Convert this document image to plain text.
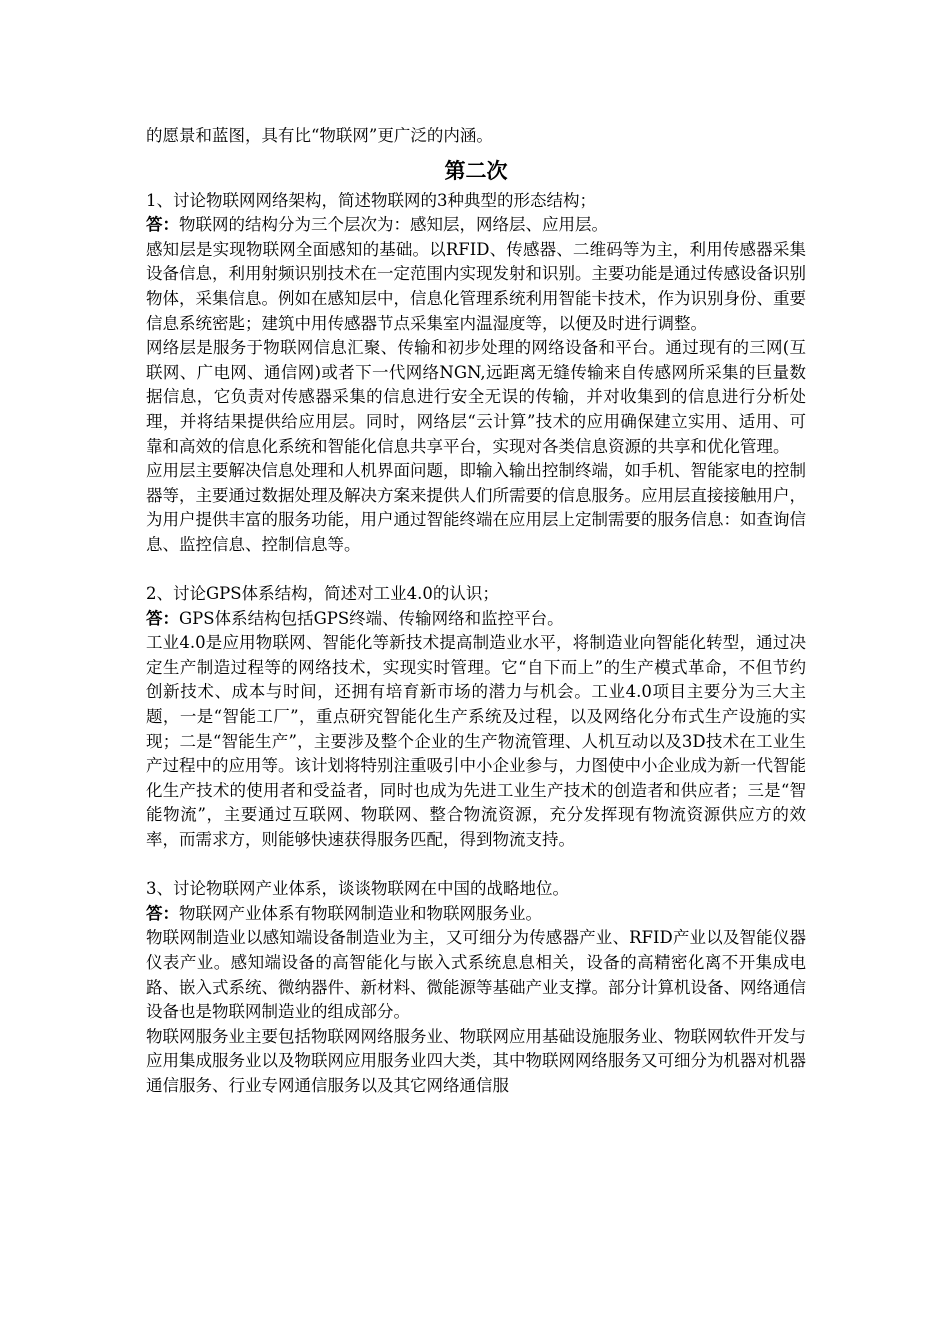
的愿景和蓝图，具有比“物联网”更广泛的内涵。

第二次

1、讨论物联网网络架构，简述物联网的3种典型的形态结构；

答：物联网的结构分为三个层次为：感知层，网络层、应用层。

感知层是实现物联网全面感知的基础。以RFID、传感器、二维码等为主，利用传感器采集设备信息，利用射频识别技术在一定范围内实现发射和识别。主要功能是通过传感设备识别物体，采集信息。例如在感知层中，信息化管理系统利用智能卡技术，作为识别身份、重要信息系统密匙；建筑中用传感器节点采集室内温湿度等，以便及时进行调整。

网络层是服务于物联网信息汇聚、传输和初步处理的网络设备和平台。通过现有的三网(互联网、广电网、通信网)或者下一代网络NGN,远距离无缝传输来自传感网所采集的巨量数据信息，它负责对传感器采集的信息进行安全无误的传输，并对收集到的信息进行分析处理，并将结果提供给应用层。同时，网络层“云计算”技术的应用确保建立实用、适用、可靠和高效的信息化系统和智能化信息共享平台，实现对各类信息资源的共享和优化管理。

应用层主要解决信息处理和人机界面问题，即输入输出控制终端，如手机、智能家电的控制器等，主要通过数据处理及解决方案来提供人们所需要的信息服务。应用层直接接触用户，为用户提供丰富的服务功能，用户通过智能终端在应用层上定制需要的服务信息：如查询信息、监控信息、控制信息等。

2、讨论GPS体系结构，简述对工业4.0的认识；

答：GPS体系结构包括GPS终端、传输网络和监控平台。

工业4.0是应用物联网、智能化等新技术提高制造业水平，将制造业向智能化转型，通过决定生产制造过程等的网络技术，实现实时管理。它“自下而上”的生产模式革命，不但节约创新技术、成本与时间，还拥有培育新市场的潜力与机会。工业4.0项目主要分为三大主题，一是“智能工厂”，重点研究智能化生产系统及过程，以及网络化分布式生产设施的实现；二是“智能生产”，主要涉及整个企业的生产物流管理、人机互动以及3D技术在工业生产过程中的应用等。该计划将特别注重吸引中小企业参与，力图使中小企业成为新一代智能化生产技术的使用者和受益者，同时也成为先进工业生产技术的创造者和供应者；三是“智能物流”，主要通过互联网、物联网、整合物流资源，充分发挥现有物流资源供应方的效率，而需求方，则能够快速获得服务匹配，得到物流支持。

3、讨论物联网产业体系，谈谈物联网在中国的战略地位。

答：物联网产业体系有物联网制造业和物联网服务业。

物联网制造业以感知端设备制造业为主，又可细分为传感器产业、RFID产业以及智能仪器仪表产业。感知端设备的高智能化与嵌入式系统息息相关，设备的高精密化离不开集成电路、嵌入式系统、微纳器件、新材料、微能源等基础产业支撑。部分计算机设备、网络通信设备也是物联网制造业的组成部分。

物联网服务业主要包括物联网网络服务业、物联网应用基础设施服务业、物联网软件开发与应用集成服务业以及物联网应用服务业四大类，其中物联网网络服务又可细分为机器对机器通信服务、行业专网通信服务以及其它网络通信服
